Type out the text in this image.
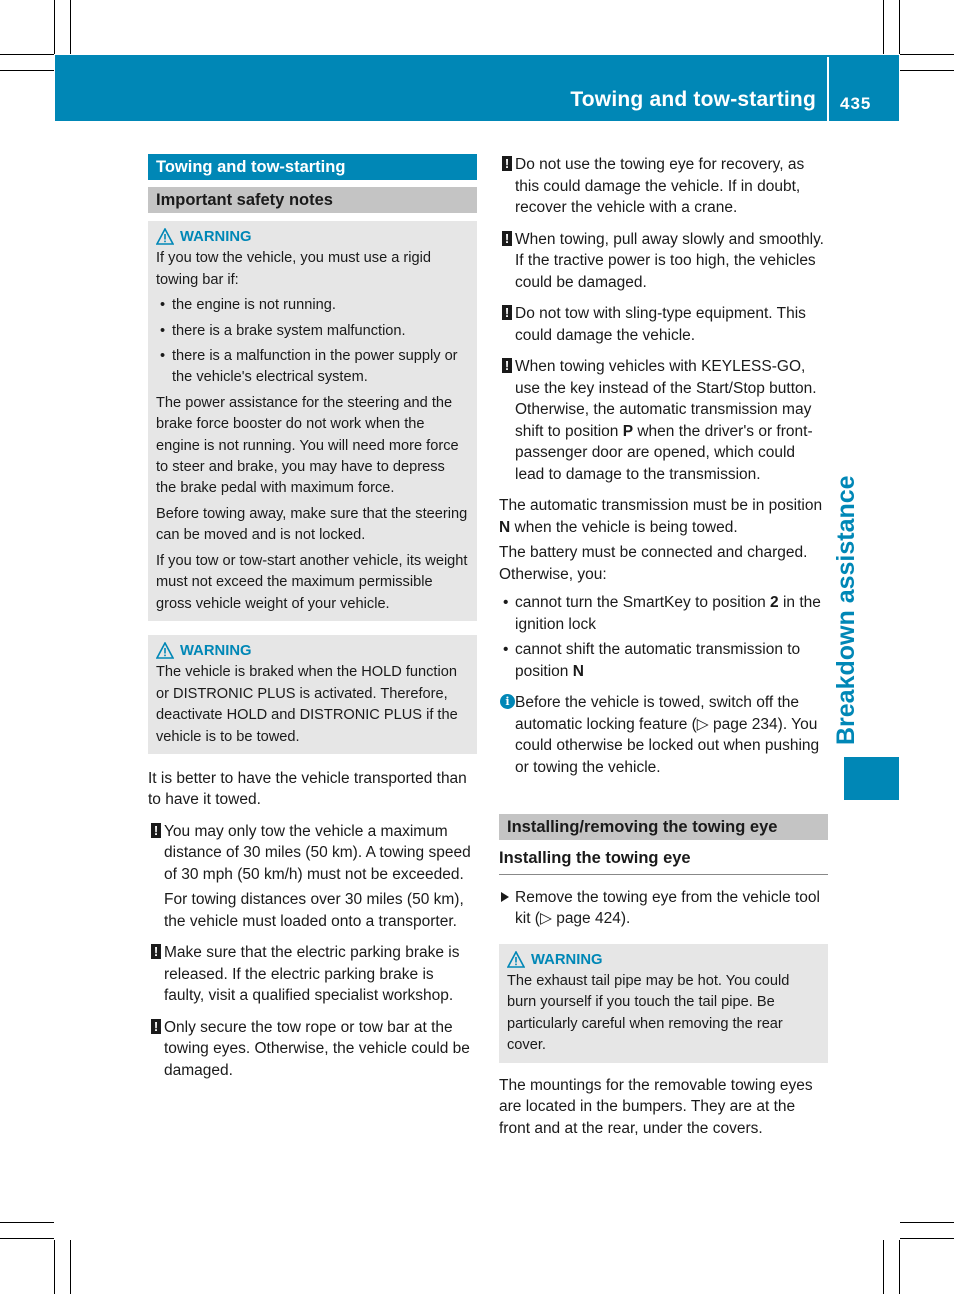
Towing and tow-starting 435
Breakdown assistance
Towing and tow-starting
Important safety notes
WARNING

If you tow the vehicle, you must use a rigid towing bar if:

• the engine is not running.
• there is a brake system malfunction.
• there is a malfunction in the power supply or the vehicle's electrical system.

The power assistance for the steering and the brake force booster do not work when the engine is not running. You will need more force to steer and brake, you may have to depress the brake pedal with maximum force.

Before towing away, make sure that the steering can be moved and is not locked.

If you tow or tow-start another vehicle, its weight must not exceed the maximum permissible gross vehicle weight of your vehicle.

WARNING

The vehicle is braked when the HOLD function or DISTRONIC PLUS is activated. Therefore, deactivate HOLD and DISTRONIC PLUS if the vehicle is to be towed.

It is better to have the vehicle transported than to have it towed.

! You may only tow the vehicle a maximum distance of 30 miles (50 km). A towing speed of 30 mph (50 km/h) must not be exceeded.

For towing distances over 30 miles (50 km), the vehicle must loaded onto a transporter.

! Make sure that the electric parking brake is released. If the electric parking brake is faulty, visit a qualified specialist workshop.

! Only secure the tow rope or tow bar at the towing eyes. Otherwise, the vehicle could be damaged.

! Do not use the towing eye for recovery, as this could damage the vehicle. If in doubt, recover the vehicle with a crane.

! When towing, pull away slowly and smoothly. If the tractive power is too high, the vehicles could be damaged.

! Do not tow with sling-type equipment. This could damage the vehicle.

! When towing vehicles with KEYLESS-GO, use the key instead of the Start/Stop button. Otherwise, the automatic transmission may shift to position P when the driver's or front-passenger door are opened, which could lead to damage to the transmission.

The automatic transmission must be in position N when the vehicle is being towed.

The battery must be connected and charged. Otherwise, you:

• cannot turn the SmartKey to position 2 in the ignition lock
• cannot shift the automatic transmission to position N
i Before the vehicle is towed, switch off the automatic locking feature (▷ page 234). You could otherwise be locked out when pushing or towing the vehicle.

Installing/removing the towing eye
Installing the towing eye

Remove the towing eye from the vehicle tool kit (▷ page 424).

WARNING

The exhaust tail pipe may be hot. You could burn yourself if you touch the tail pipe. Be particularly careful when removing the rear cover.

The mountings for the removable towing eyes are located in the bumpers. They are at the front and at the rear, under the covers.
